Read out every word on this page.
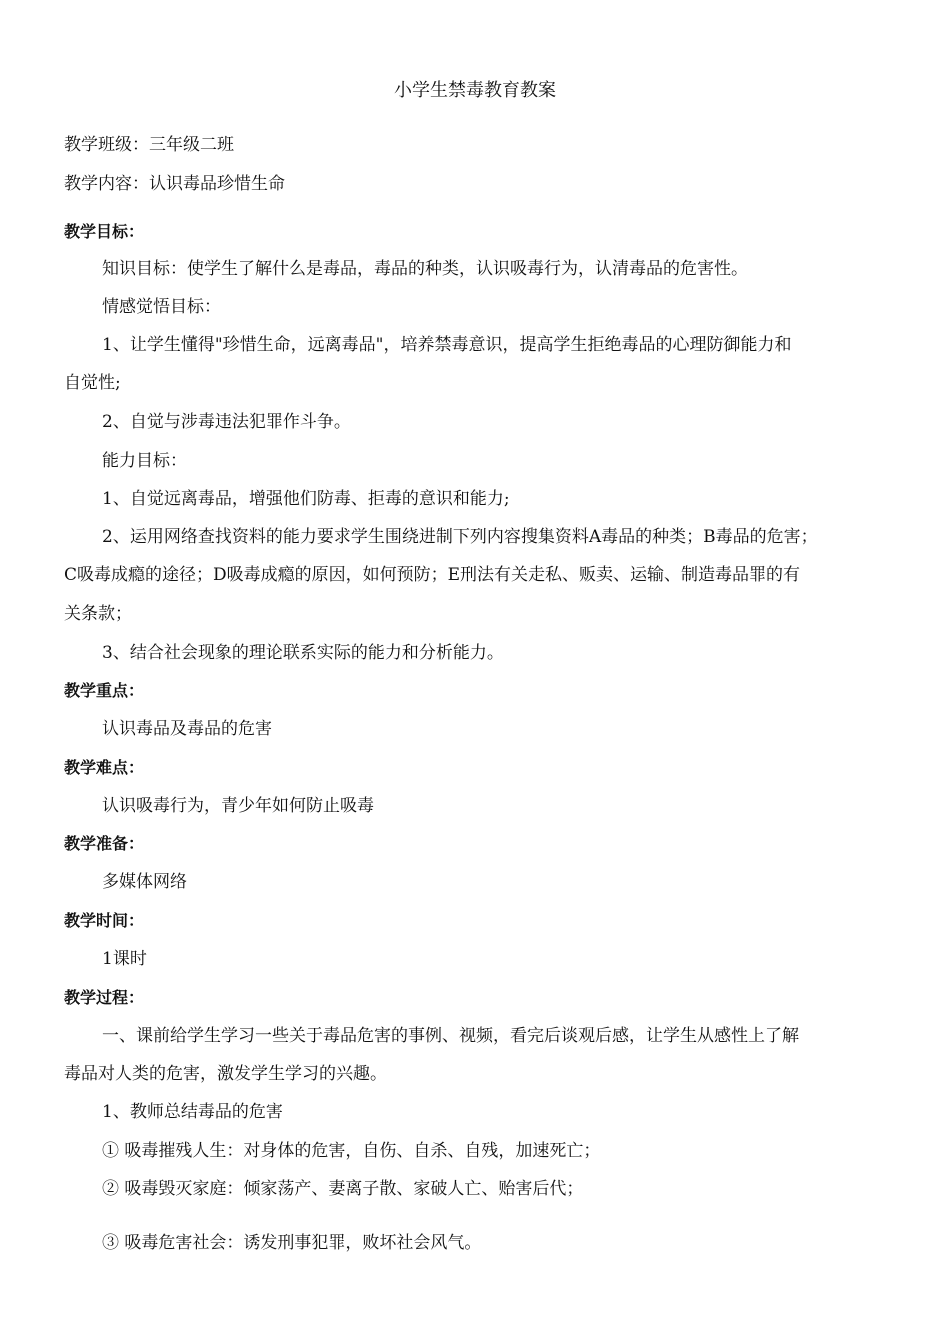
小学生禁毒教育教案
教学班级：三年级二班
教学内容：认识毒品珍惜生命
教学目标：
知识目标：使学生了解什么是毒品，毒品的种类，认识吸毒行为，认清毒品的危害性。
情感觉悟目标：
1、让学生懂得"珍惜生命，远离毒品"，培养禁毒意识，提高学生拒绝毒品的心理防御能力和
自觉性;
2、自觉与涉毒违法犯罪作斗争。
能力目标：
1、自觉远离毒品，增强他们防毒、拒毒的意识和能力;
2、运用网络查找资料的能力要求学生围绕进制下列内容搜集资料A毒品的种类；B毒品的危害；
C吸毒成瘾的途径；D吸毒成瘾的原因，如何预防；E刑法有关走私、贩卖、运输、制造毒品罪的有
关条款；
3、结合社会现象的理论联系实际的能力和分析能力。
教学重点：
认识毒品及毒品的危害
教学难点：
认识吸毒行为，青少年如何防止吸毒
教学准备：
多媒体网络
教学时间：
1课时
教学过程：
一、课前给学生学习一些关于毒品危害的事例、视频，看完后谈观后感，让学生从感性上了解
毒品对人类的危害，激发学生学习的兴趣。
1、教师总结毒品的危害
① 吸毒摧残人生：对身体的危害，自伤、自杀、自残，加速死亡；
② 吸毒毁灭家庭：倾家荡产、妻离子散、家破人亡、贻害后代；
③ 吸毒危害社会：诱发刑事犯罪，败坏社会风气。
